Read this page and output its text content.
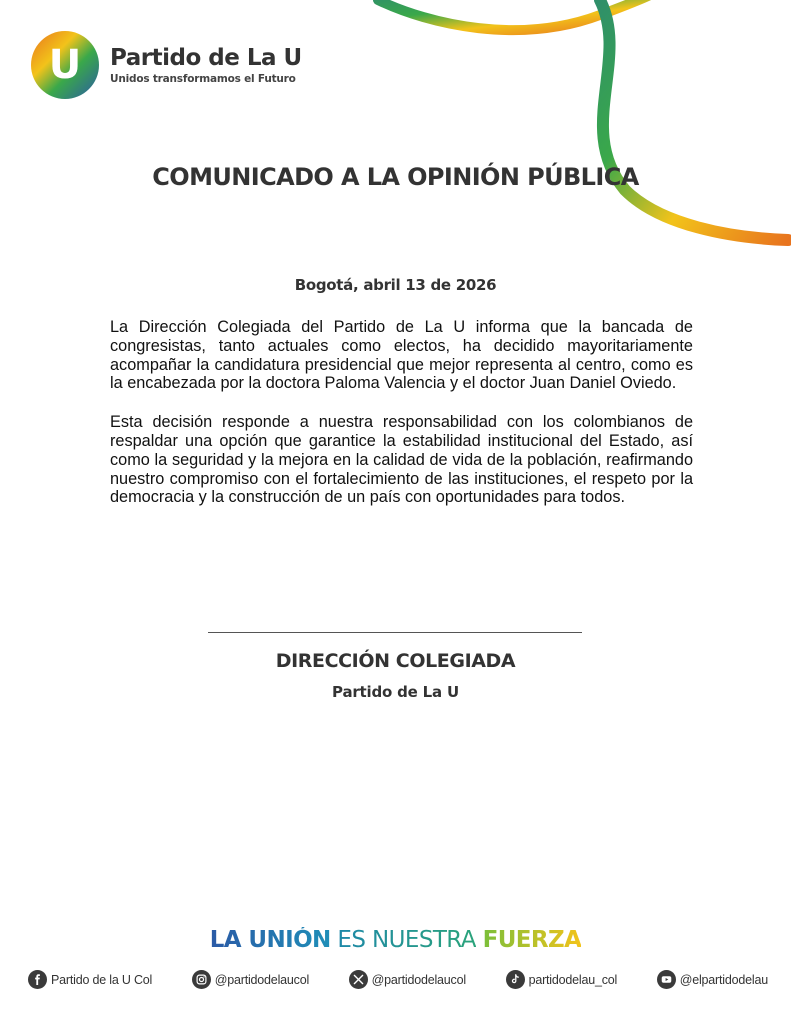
U Partido de La U
Unidos transformamos el Futuro
COMUNICADO A LA OPINIÓN PÚBLICA
Bogotá, abril 13 de 2026

La Dirección Colegiada del Partido de La U informa que la bancada de congresistas, tanto actuales como electos, ha decidido mayoritariamente acompañar la candidatura presidencial que mejor representa al centro, como es la encabezada por la doctora Paloma Valencia y el doctor Juan Daniel Oviedo.

Esta decisión responde a nuestra responsabilidad con los colombianos de respaldar una opción que garantice la estabilidad institucional del Estado, así como la seguridad y la mejora en la calidad de vida de la población, reafirmando nuestro compromiso con el fortalecimiento de las instituciones, el respeto por la democracia y la construcción de un país con oportunidades para todos.

DIRECCIÓN COLEGIADA
Partido de La U
LA UNIÓN ES NUESTRA FUERZA
Partido de la U Col	@partidodelaucol	@partidodelaucol	partidodelau_col	@elpartidodelau
